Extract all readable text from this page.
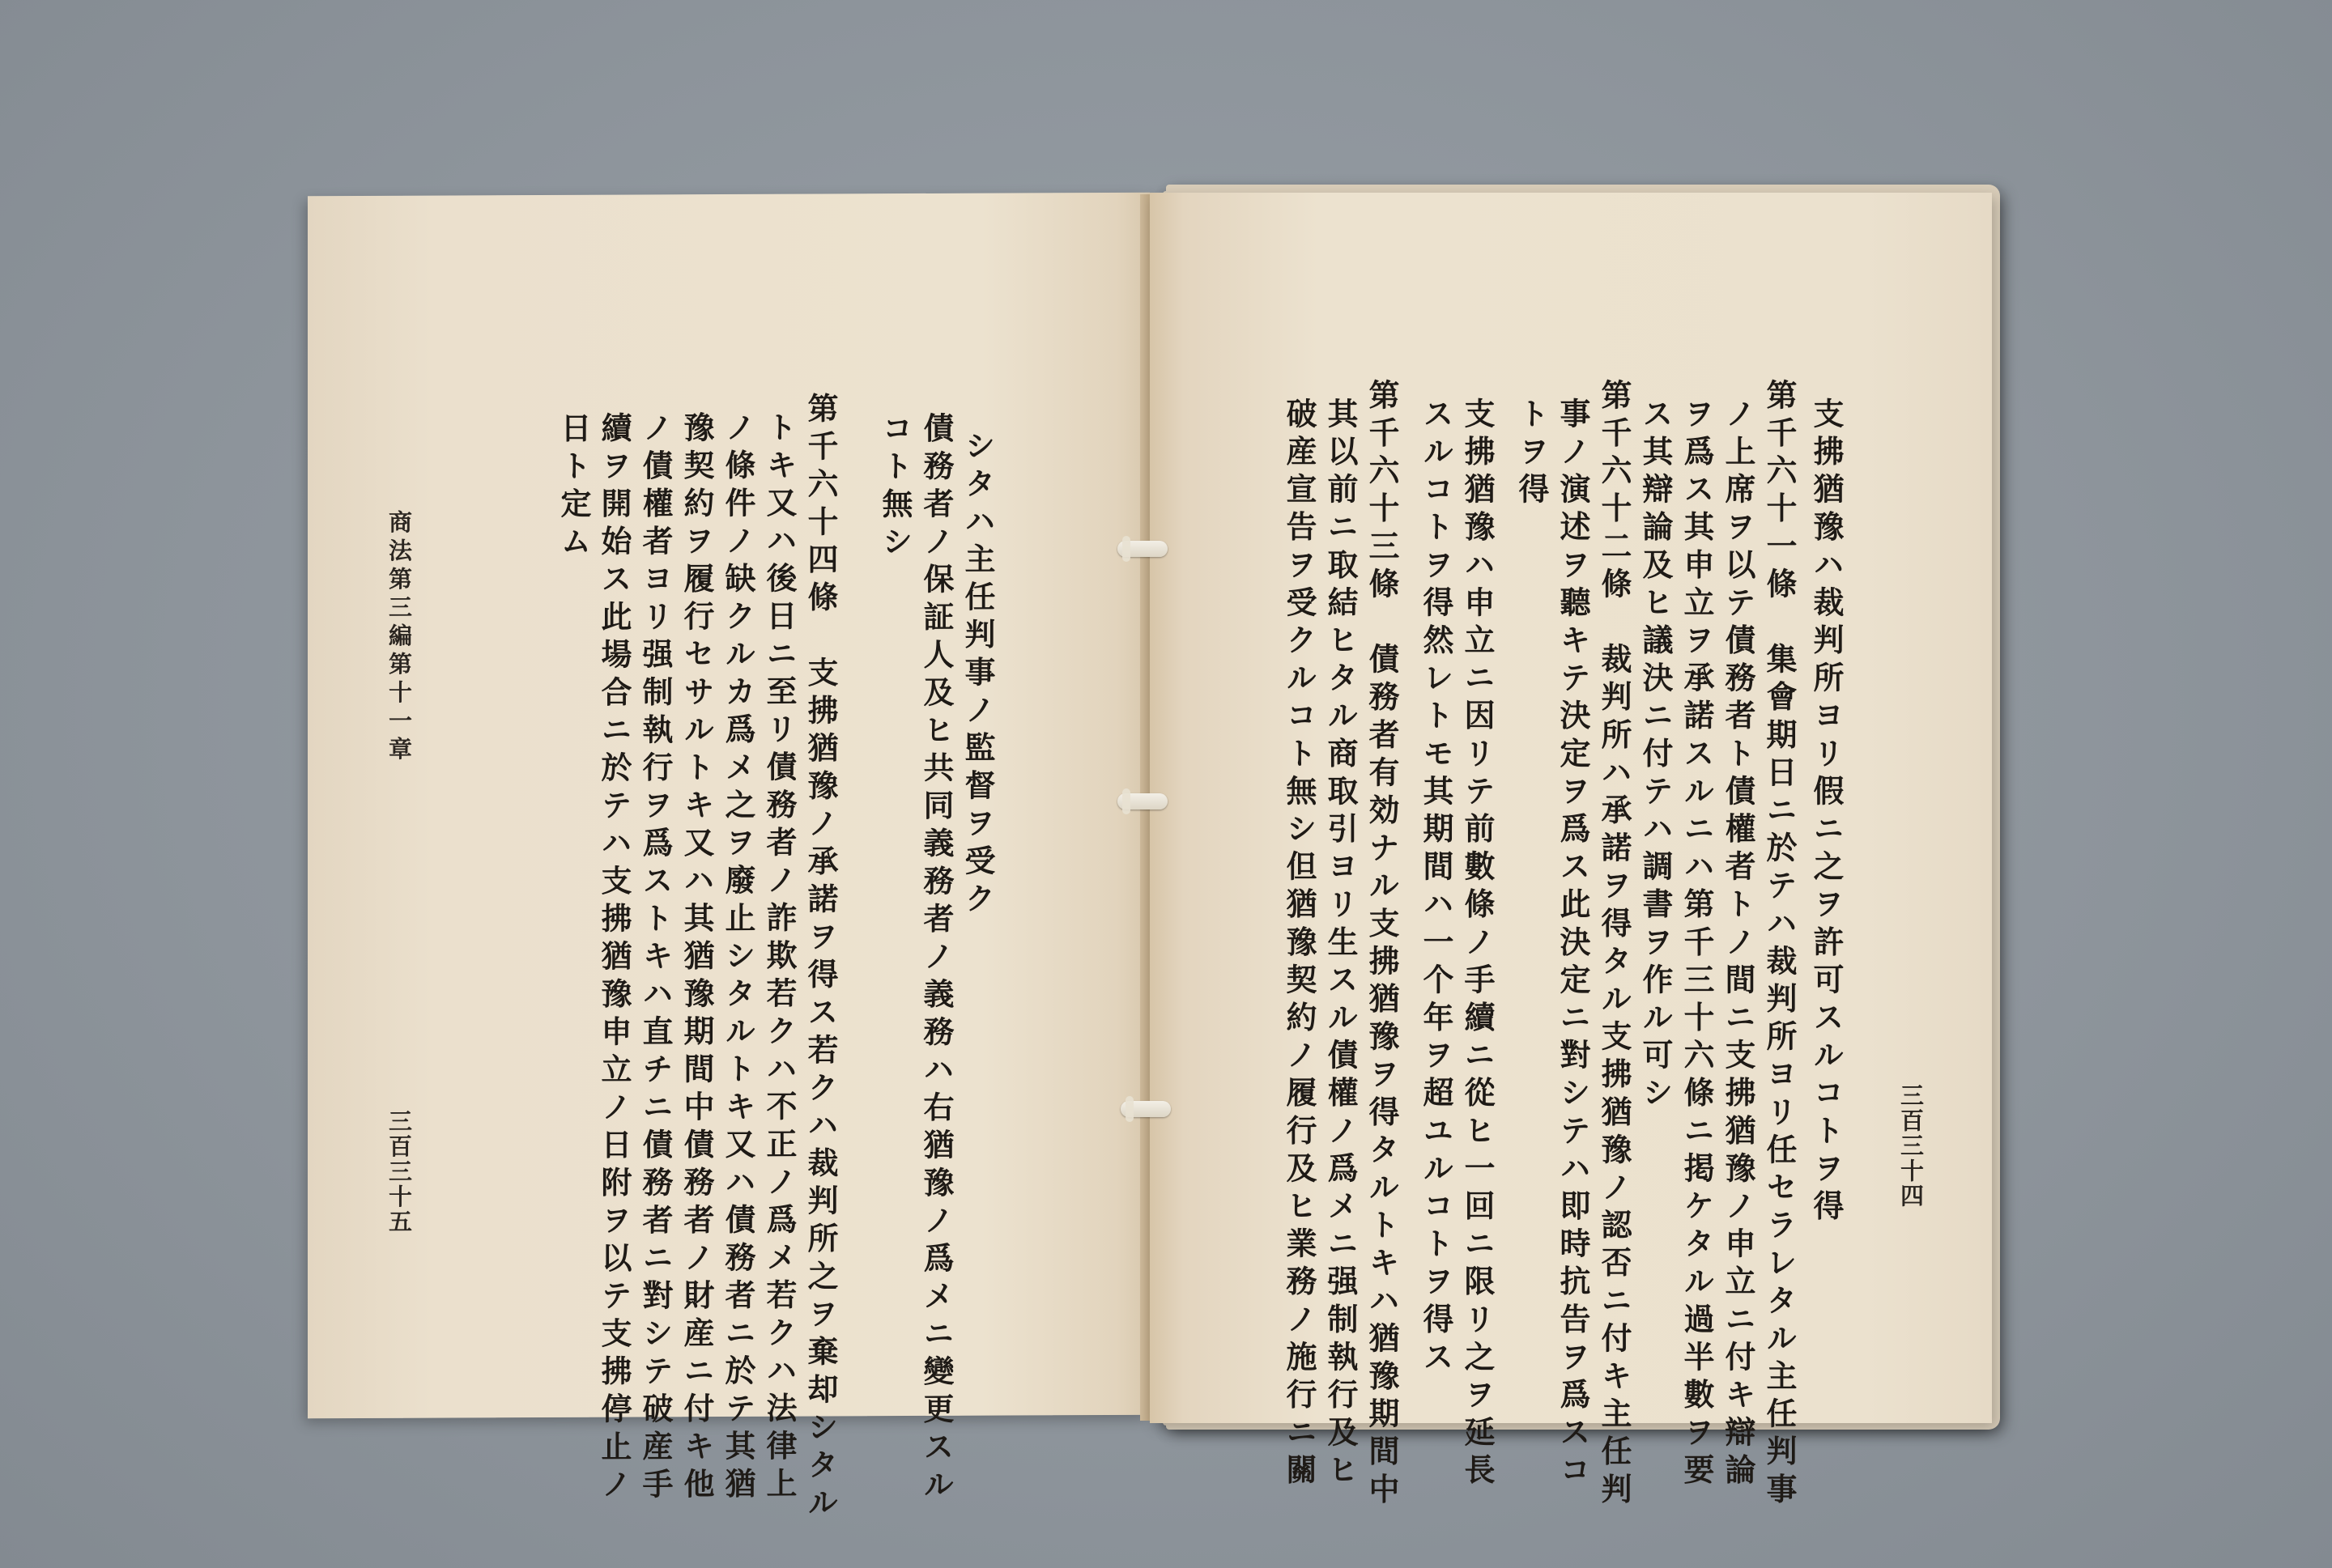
商法第三編第十一章
三百三十五
日ト定ム 續ヲ開始ス此場合ニ於テハ支拂猶豫申立ノ日附ヲ以テ支拂停止ノ ノ債權者ヨリ强制執行ヲ爲ストキハ直チニ債務者ニ對シテ破産手 豫契約ヲ履行セサルトキ又ハ其猶豫期間中債務者ノ財産ニ付キ他 ノ條件ノ缺クルカ爲メ之ヲ廢止シタルトキ又ハ債務者ニ於テ其猶 トキ又ハ後日ニ至リ債務者ノ詐欺若クハ不正ノ爲メ若クハ法律上 第千六十四條　支拂猶豫ノ承諾ヲ得ス若クハ裁判所之ヲ棄却シタル コト無シ 債務者ノ保証人及ヒ共同義務者ノ義務ハ右猶豫ノ爲メニ變更スル シタハ主任判事ノ監督ヲ受ク
三百三十四
破産宣告ヲ受クルコト無シ但猶豫契約ノ履行及ヒ業務ノ施行ニ關 其以前ニ取結ヒタル商取引ヨリ生スル債權ノ爲メニ强制執行及ヒ 第千六十三條　債務者有効ナル支拂猶豫ヲ得タルトキハ猶豫期間中 スルコトヲ得然レトモ其期間ハ一个年ヲ超ユルコトヲ得ス 支拂猶豫ハ申立ニ因リテ前數條ノ手續ニ從ヒ一回ニ限リ之ヲ延長 トヲ得 事ノ演述ヲ聽キテ決定ヲ爲ス此決定ニ對シテハ即時抗告ヲ爲スコ 第千六十二條　裁判所ハ承諾ヲ得タル支拂猶豫ノ認否ニ付キ主任判 ス其辯論及ヒ議決ニ付テハ調書ヲ作ル可シ ヲ爲ス其申立ヲ承諾スルニハ第千三十六條ニ掲ケタル過半數ヲ要 ノ上席ヲ以テ債務者ト債權者トノ間ニ支拂猶豫ノ申立ニ付キ辯論 第千六十一條　集會期日ニ於テハ裁判所ヨリ任セラレタル主任判事 支拂猶豫ハ裁判所ヨリ假ニ之ヲ許可スルコトヲ得
